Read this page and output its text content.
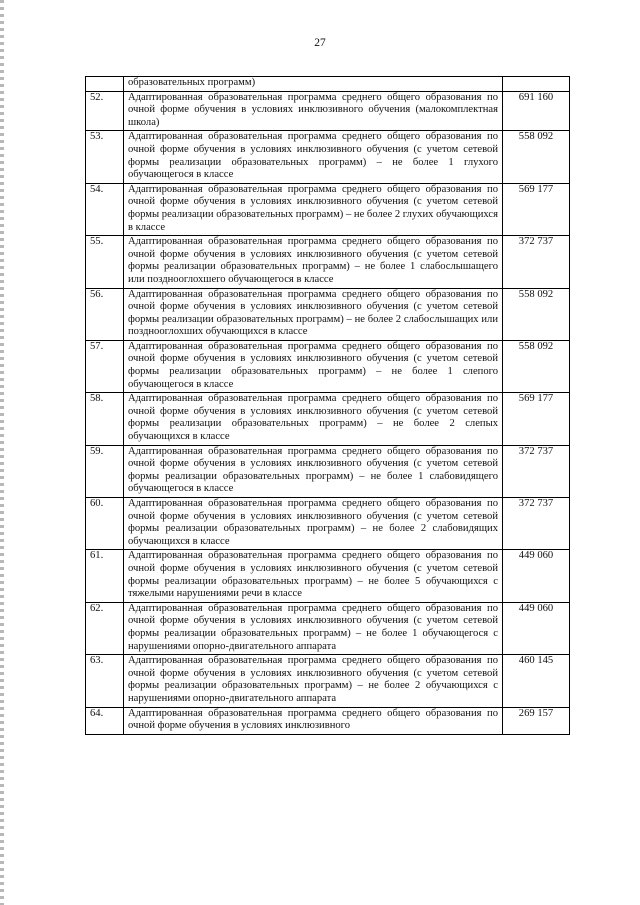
27
	образовательных программ)	
52.	Адаптированная образовательная программа среднего общего образования по очной форме обучения в условиях инклюзивного обучения (малокомплектная школа)	691 160
53.	Адаптированная образовательная программа среднего общего образования по очной форме обучения в условиях инклюзивного обучения (с учетом сетевой формы реализации образовательных программ) – не более 1 глухого обучающегося в классе	558 092
54.	Адаптированная образовательная программа среднего общего образования по очной форме обучения в условиях инклюзивного обучения (с учетом сетевой формы реализации образовательных программ) – не более 2 глухих обучающихся в классе	569 177
55.	Адаптированная образовательная программа среднего общего образования по очной форме обучения в условиях инклюзивного обучения (с учетом сетевой формы реализации образовательных программ) – не более 1 слабослышащего или позднооглохшего обучающегося в классе	372 737
56.	Адаптированная образовательная программа среднего общего образования по очной форме обучения в условиях инклюзивного обучения (с учетом сетевой формы реализации образовательных программ) – не более 2 слабослышащих или позднооглохших обучающихся в классе	558 092
57.	Адаптированная образовательная программа среднего общего образования по очной форме обучения в условиях инклюзивного обучения (с учетом сетевой формы реализации образовательных программ) – не более 1 слепого обучающегося в классе	558 092
58.	Адаптированная образовательная программа среднего общего образования по очной форме обучения в условиях инклюзивного обучения (с учетом сетевой формы реализации образовательных программ) – не более 2 слепых обучающихся в классе	569 177
59.	Адаптированная образовательная программа среднего общего образования по очной форме обучения в условиях инклюзивного обучения (с учетом сетевой формы реализации образовательных программ) – не более 1 слабовидящего обучающегося в классе	372 737
60.	Адаптированная образовательная программа среднего общего образования по очной форме обучения в условиях инклюзивного обучения (с учетом сетевой формы реализации образовательных программ) – не более 2 слабовидящих обучающихся в классе	372 737
61.	Адаптированная образовательная программа среднего общего образования по очной форме обучения в условиях инклюзивного обучения (с учетом сетевой формы реализации образовательных программ) – не более 5 обучающихся с тяжелыми нарушениями речи в классе	449 060
62.	Адаптированная образовательная программа среднего общего образования по очной форме обучения в условиях инклюзивного обучения (с учетом сетевой формы реализации образовательных программ) – не более 1 обучающегося с нарушениями опорно-двигательного аппарата	449 060
63.	Адаптированная образовательная программа среднего общего образования по очной форме обучения в условиях инклюзивного обучения (с учетом сетевой формы реализации образовательных программ) – не более 2 обучающихся с нарушениями опорно-двигательного аппарата	460 145
64.	Адаптированная образовательная программа среднего общего образования по очной форме обучения в условиях инклюзивного	269 157
